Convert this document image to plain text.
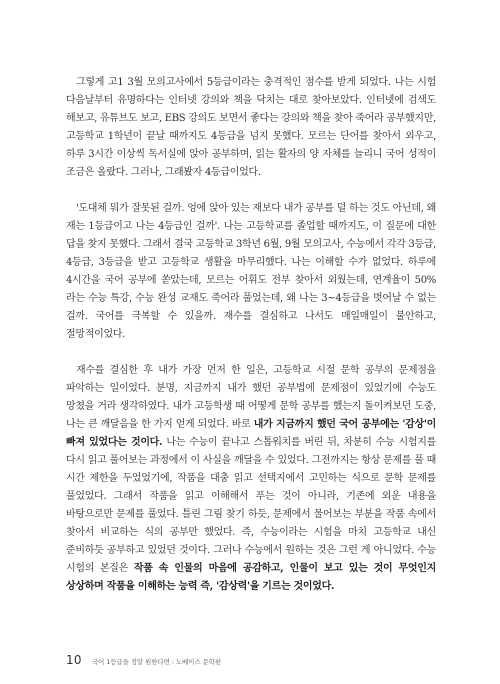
그렇게 고1 3월 모의고사에서 5등급이라는 충격적인 점수를 받게 되었다. 나는 시험 다음날부터 유명하다는 인터넷 강의와 책을 닥치는 대로 찾아보았다. 인터넷에 검색도 해보고, 유튜브도 보고, EBS 강의도 보면서 좋다는 강의와 책을 찾아 죽어라 공부했지만, 고등학교 1학년이 끝날 때까지도 4등급을 넘지 못했다. 모르는 단어를 찾아서 외우고, 하루 3시간 이상씩 독서실에 앉아 공부하며, 읽는 활자의 양 자체를 늘리니 국어 성적이 조금은 올랐다. 그러나, 그래봤자 4등급이었다.

'도대체 뭐가 잘못된 걸까. 엉에 앉아 있는 재보다 내가 공부를 덜 하는 것도 아닌데, 왜 재는 1등급이고 나는 4등급인 걸까'. 나는 고등학교를 졸업할 때까지도, 이 질문에 대한 답을 찾지 못했다. 그래서 결국 고등학교 3학년 6월, 9월 모의고사, 수능에서 각각 3등급, 4등급, 3등급을 받고 고등학교 생활을 마무리했다. 나는 이해할 수가 없었다. 하루에 4시간을 국어 공부에 쏟았는데, 모르는 어휘도 전부 찾아서 외웠는데, 연계율이 50%라는 수능 특강, 수능 완성 교재도 죽어라 풀었는데, 왜 나는 3~4등급을 벗어날 수 없는 걸까. 국어를 극복할 수 있을까. 재수를 결심하고 나서도 매일매일이 불안하고, 절망적이었다.

재수를 결심한 후 내가 가장 먼저 한 일은, 고등학교 시절 문학 공부의 문제점을 파악하는 일이었다. 분명, 지금까지 내가 했던 공부법에 문제점이 있었기에 수능도 망쳤을 거라 생각하였다. 내가 고등학생 때 어떻게 문학 공부를 했는지 돌이켜보던 도중, 나는 큰 깨달음을 한 가지 얻게 되었다. 바로 내가 지금까지 했던 국어 공부에는 '감상'이 빠져 있었다는 것이다. 나는 수능이 끝나고 스톱워치를 버린 뒤, 차분히 수능 시험지를 다시 읽고 풀어보는 과정에서 이 사실을 깨달을 수 있었다. 그전까지는 항상 문제를 풀 때 시간 제한을 두었었기에, 작품을 대충 읽고 선택지에서 고민하는 식으로 문학 문제를 풀었었다. 그래서 작품을 읽고 이해해서 푸는 것이 아니라, 기존에 외운 내용을 바탕으로만 문제를 풀었다. 틀린 그림 찾기 하듯, 문제에서 물어보는 부분을 작품 속에서 찾아서 비교하는 식의 공부만 했었다. 즉, 수능이라는 시험을 마치 고등학교 내신 준비하듯 공부하고 있었던 것이다. 그러나 수능에서 원하는 것은 그런 게 아니었다. 수능 시험의 본질은 작품 속 인물의 마음에 공감하고, 인물이 보고 있는 것이 무엇인지 상상하며 작품을 이해하는 능력 즉, '감상력'을 기르는 것이었다.

10 국어 1등급을 정말 원한다면 : 노베이스 문학편
